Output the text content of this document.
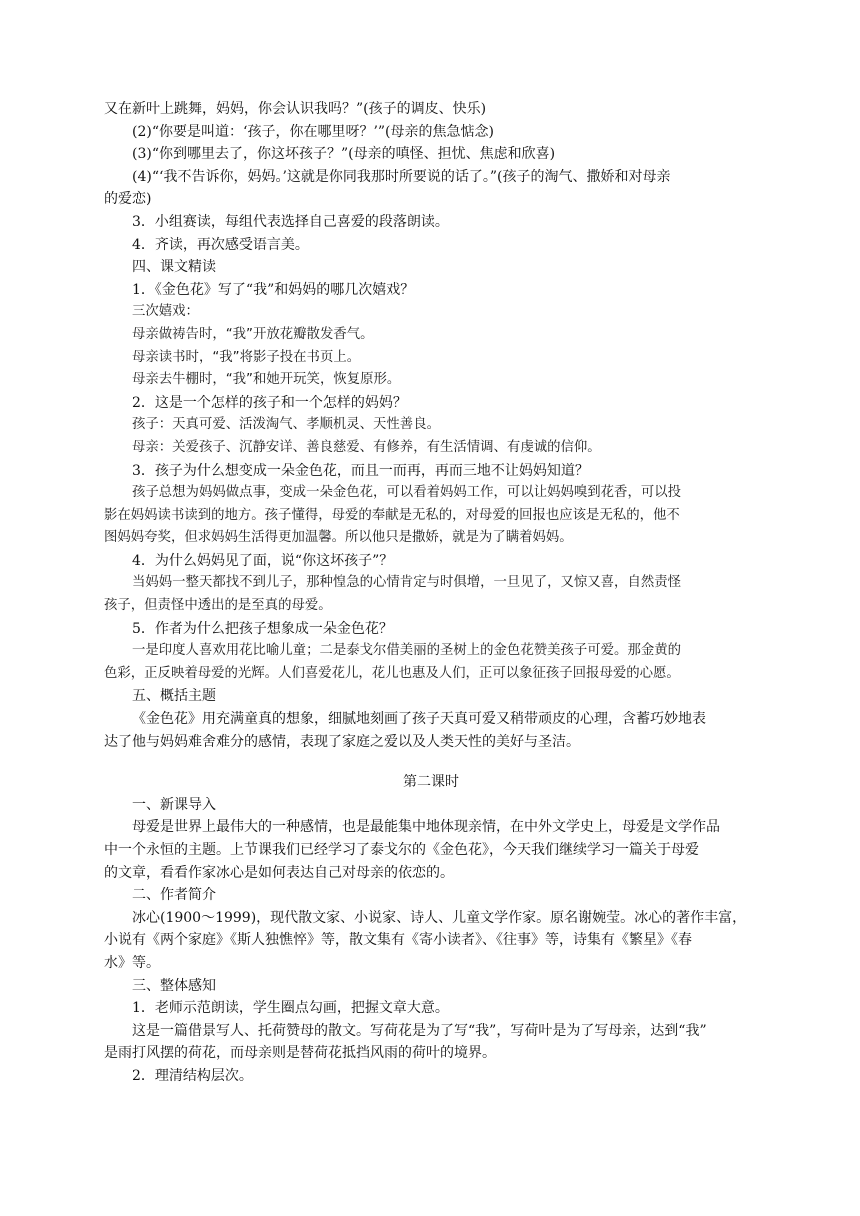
又在新叶上跳舞，妈妈，你会认识我吗？”(孩子的调皮、快乐)
(2)“你要是叫道：‘孩子，你在哪里呀？’”(母亲的焦急惦念)
(3)“你到哪里去了，你这坏孩子？”(母亲的嗔怪、担忧、焦虑和欣喜)
(4)“‘我不告诉你，妈妈。’这就是你同我那时所要说的话了。”(孩子的淘气、撒娇和对母亲
的爱恋)
3．小组赛读，每组代表选择自己喜爱的段落朗读。
4．齐读，再次感受语言美。
四、课文精读
1．《金色花》写了“我”和妈妈的哪几次嬉戏？
三次嬉戏：
母亲做祷告时，“我”开放花瓣散发香气。
母亲读书时，“我”将影子投在书页上。
母亲去牛棚时，“我”和她开玩笑，恢复原形。
2．这是一个怎样的孩子和一个怎样的妈妈？
孩子：天真可爱、活泼淘气、孝顺机灵、天性善良。
母亲：关爱孩子、沉静安详、善良慈爱、有修养，有生活情调、有虔诚的信仰。
3．孩子为什么想变成一朵金色花，而且一而再，再而三地不让妈妈知道？
孩子总想为妈妈做点事，变成一朵金色花，可以看着妈妈工作，可以让妈妈嗅到花香，可以投
影在妈妈读书读到的地方。孩子懂得，母爱的奉献是无私的，对母爱的回报也应该是无私的，他不
图妈妈夸奖，但求妈妈生活得更加温馨。所以他只是撒娇，就是为了瞒着妈妈。
4．为什么妈妈见了面，说“你这坏孩子”？
当妈妈一整天都找不到儿子，那种惶急的心情肯定与时俱增，一旦见了，又惊又喜，自然责怪
孩子，但责怪中透出的是至真的母爱。
5．作者为什么把孩子想象成一朵金色花？
一是印度人喜欢用花比喻儿童；二是泰戈尔借美丽的圣树上的金色花赞美孩子可爱。那金黄的
色彩，正反映着母爱的光辉。人们喜爱花儿，花儿也惠及人们，正可以象征孩子回报母爱的心愿。
五、概括主题
《金色花》用充满童真的想象，细腻地刻画了孩子天真可爱又稍带顽皮的心理，含蓄巧妙地表
达了他与妈妈难舍难分的感情，表现了家庭之爱以及人类天性的美好与圣洁。
第二课时
一、新课导入
母爱是世界上最伟大的一种感情，也是最能集中地体现亲情，在中外文学史上，母爱是文学作品
中一个永恒的主题。上节课我们已经学习了泰戈尔的《金色花》，今天我们继续学习一篇关于母爱
的文章，看看作家冰心是如何表达自己对母亲的依恋的。
二、作者简介
冰心(1900～1999)，现代散文家、小说家、诗人、儿童文学作家。原名谢婉莹。冰心的著作丰富，
小说有《两个家庭》《斯人独憔悴》等，散文集有《寄小读者》、《往事》等，诗集有《繁星》《春
水》等。
三、整体感知
1．老师示范朗读，学生圈点勾画，把握文章大意。
这是一篇借景写人、托荷赞母的散文。写荷花是为了写“我”，写荷叶是为了写母亲，达到“我”
是雨打风摆的荷花，而母亲则是替荷花抵挡风雨的荷叶的境界。
2．理清结构层次。
